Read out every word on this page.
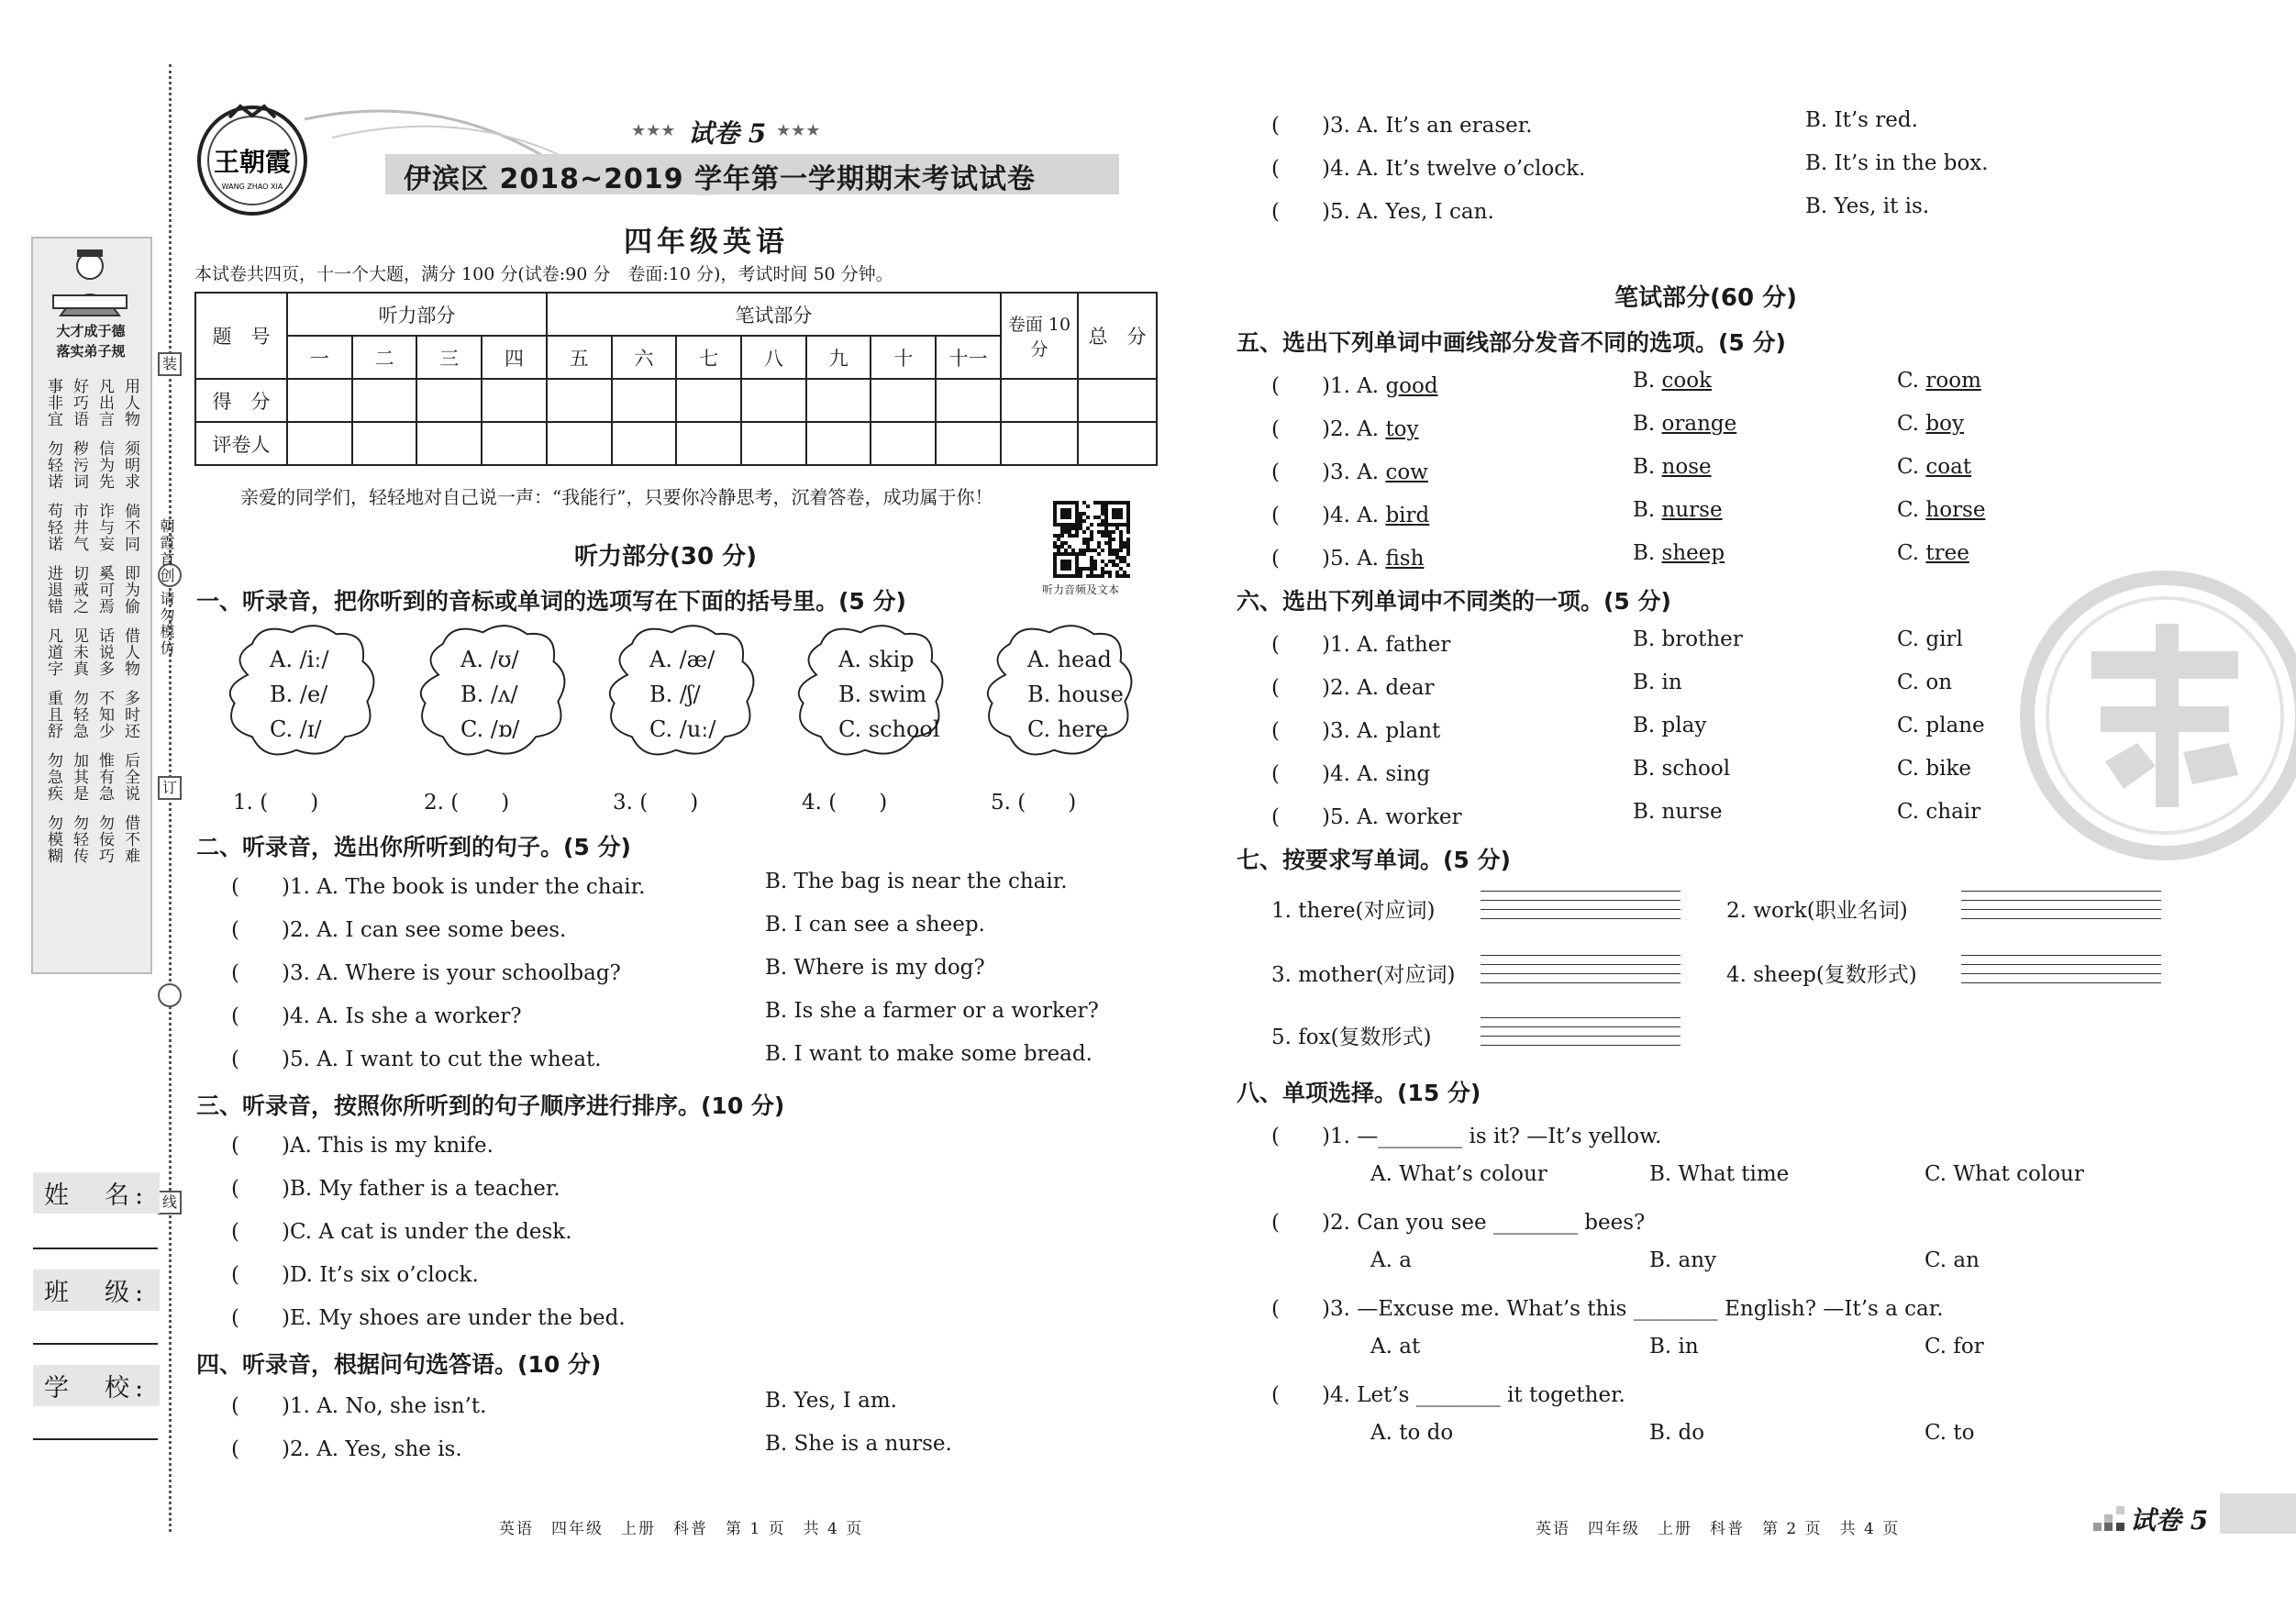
装
订
线
朝霞首创 请勿模仿
大才成于德
落实弟子规
事非宜 好巧语 凡出言 用人物
勿轻诺 秽污词 信为先 须明求
苟轻诺 市井气 诈与妄 倘不同
进退错 切戒之 奚可焉 即为偷
凡道字 见未真 话说多 借人物
重且舒 勿轻急 不知少 多时还
勿急疾 加其是 惟有急 后全说
勿模糊 勿轻传 勿佞巧 借不难
姓　名:
班　级:
学　校:
王朝霞
WANG ZHAO XIA
★★★ 试卷 5 ★★★
伊滨区 2018~2019 学年第一学期期末考试试卷
四年级英语
本试卷共四页，十一个大题，满分 100 分(试卷:90 分　卷面:10 分)，考试时间 50 分钟。
题　号	听力部分				笔试部分							卷面 10 分	总　分
	一	二	三	四	五	六	七	八	九	十	十一		
得　分													
评卷人													
亲爱的同学们，轻轻地对自己说一声：“我能行”，只要你冷静思考，沉着答卷，成功属于你！
听力音频及文本
听力部分(30 分)
一、听录音，把你听到的音标或单词的选项写在下面的括号里。(5 分)
A. /iː/
B. /e/
C. /ɪ/
1. (　　)
A. /ʊ/
B. /ʌ/
C. /ɒ/
2. (　　)
A. /æ/
B. /ʃ/
C. /uː/
3. (　　)
A. skip
B. swim
C. school
4. (　　)
A. head
B. house
C. here
5. (　　)
二、听录音，选出你所听到的句子。(5 分)
(　　)1. A. The book is under the chair.	B. The bag is near the chair.
(　　)2. A. I can see some bees.	B. I can see a sheep.
(　　)3. A. Where is your schoolbag?	B. Where is my dog?
(　　)4. A. Is she a worker?	B. Is she a farmer or a worker?
(　　)5. A. I want to cut the wheat.	B. I want to make some bread.
三、听录音，按照你所听到的句子顺序进行排序。(10 分)
(　　)A. This is my knife.
(　　)B. My father is a teacher.
(　　)C. A cat is under the desk.
(　　)D. It’s six o’clock.
(　　)E. My shoes are under the bed.
四、听录音，根据问句选答语。(10 分)
(　　)1. A. No, she isn’t.	B. Yes, I am.
(　　)2. A. Yes, she is.	B. She is a nurse.
(　　)3. A. It’s an eraser.	B. It’s red.
(　　)4. A. It’s twelve o’clock.	B. It’s in the box.
(　　)5. A. Yes, I can.	B. Yes, it is.
笔试部分(60 分)
五、选出下列单词中画线部分发音不同的选项。(5 分)
(　　)1. A. good	B. cook	C. room
(　　)2. A. toy	B. orange	C. boy
(　　)3. A. cow	B. nose	C. coat
(　　)4. A. bird	B. nurse	C. horse
(　　)5. A. fish	B. sheep	C. tree
六、选出下列单词中不同类的一项。(5 分)
(　　)1. A. father	B. brother	C. girl
(　　)2. A. dear	B. in	C. on
(　　)3. A. plant	B. play	C. plane
(　　)4. A. sing	B. school	C. bike
(　　)5. A. worker	B. nurse	C. chair
七、按要求写单词。(5 分)
1. there(对应词)	2. work(职业名词)
3. mother(对应词)	4. sheep(复数形式)
5. fox(复数形式)
八、单项选择。(15 分)
(　　)1. —________ is it? —It’s yellow.
A. What’s colour	B. What time	C. What colour
(　　)2. Can you see ________ bees?
A. a	B. any	C. an
(　　)3. —Excuse me. What’s this ________ English? —It’s a car.
A. at	B. in	C. for
(　　)4. Let’s ________ it together.
A. to do	B. do	C. to
英语　四年级　上册　科普　第 1 页　共 4 页	英语　四年级　上册　科普　第 2 页　共 4 页	试卷 5
